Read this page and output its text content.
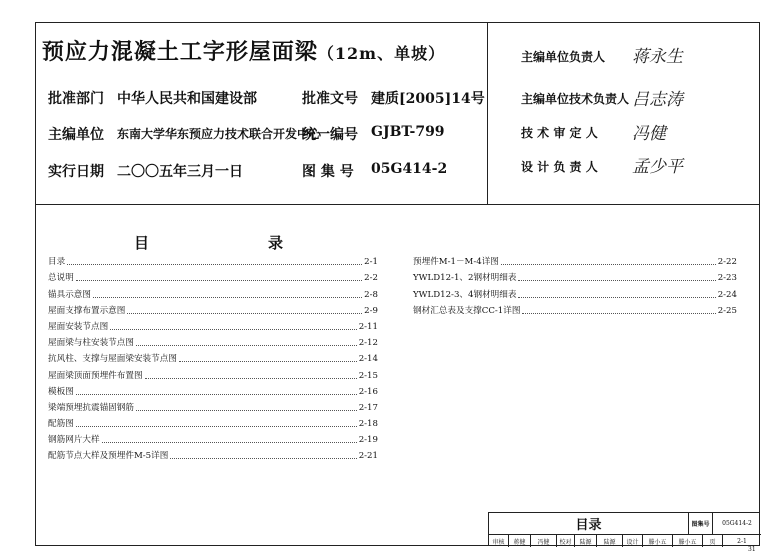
预应力混凝土工字形屋面梁（12m、单坡）
批准部门 中华人民共和国建设部	批准文号 建质[2005]14号
主编单位 东南大学华东预应力技术联合开发中心
统一编号 GJBT-799
实行日期 二〇〇五年三月一日	图 集 号 05G414-2
主编单位负责人 蒋永生
主编单位技术负责人 吕志涛
技 术 审 定 人 冯健
设 计 负 责 人 孟少平
目	录
目录	2-1
总说明	2-2
锚具示意图	2-8
屋面支撑布置示意图	2-9
屋面安装节点图	2-11
屋面梁与柱安装节点图	2-12
抗风柱、支撑与屋面梁安装节点图	2-14
屋面梁顶面预埋件布置图	2-15
模板图	2-16
梁端预埋抗震锚固钢筋	2-17
配筋图	2-18
钢筋网片大样	2-19
配筋节点大样及预埋件M-5详图	2-21
预埋件M-1－M-4详图	2-22
YWLD12-1、2钢材明细表	2-23
YWLD12-3、4钢材明细表	2-24
钢材汇总表及支撑CC-1详图	2-25
目录	图集号	05G414-2
审核	蒋健	冯健	校对	陆源	陆源	设计	滕小五	滕小五	页	2-1
31
